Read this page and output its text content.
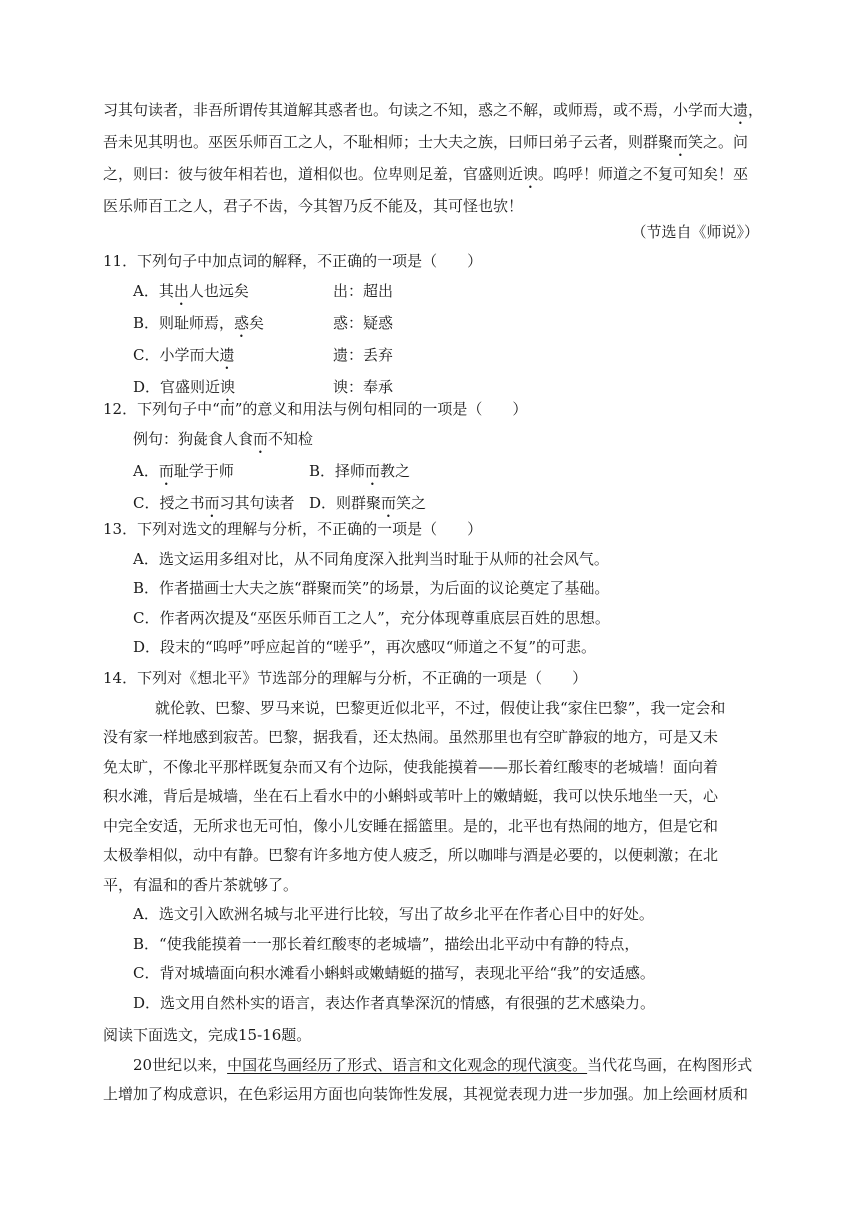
习其句读者，非吾所谓传其道解其惑者也。句读之不知，惑之不解，或师焉，或不焉，小学而大遗，
吾未见其明也。巫医乐师百工之人，不耻相师；士大夫之族，曰师曰弟子云者，则群聚而笑之。问
之，则曰：彼与彼年相若也，道相似也。位卑则足羞，官盛则近谀。呜呼！师道之不复可知矣！巫
医乐师百工之人，君子不齿，今其智乃反不能及，其可怪也欤！
（节选自《师说》）
11．下列句子中加点词的解释，不正确的一项是（　　）
A．其出人也远矣	出：超出
B．则耻师焉，惑矣	惑：疑惑
C．小学而大遗	遗：丢弃
D．官盛则近谀	谀：奉承
12．下列句子中“而”的意义和用法与例句相同的一项是（　　）
例句：狗彘食人食而不知检
A．而耻学于师	B．择师而教之
C．授之书而习其句读者 D．则群聚而笑之
13．下列对选文的理解与分析，不正确的一项是（　　）
A．选文运用多组对比，从不同角度深入批判当时耻于从师的社会风气。
B．作者描画士大夫之族“群聚而笑”的场景，为后面的议论奠定了基础。
C．作者两次提及“巫医乐师百工之人”，充分体现尊重底层百姓的思想。
D．段末的“呜呼”呼应起首的“嗟乎”，再次感叹“师道之不复”的可悲。
14．下列对《想北平》节选部分的理解与分析，不正确的一项是（　　）
就伦敦、巴黎、罗马来说，巴黎更近似北平，不过，假使让我“家住巴黎”，我一定会和
没有家一样地感到寂苦。巴黎，据我看，还太热闹。虽然那里也有空旷静寂的地方，可是又未
免太旷，不像北平那样既复杂而又有个边际，使我能摸着——那长着红酸枣的老城墙！面向着
积水滩，背后是城墙，坐在石上看水中的小蝌蚪或苇叶上的嫩蜻蜓，我可以快乐地坐一天，心
中完全安适，无所求也无可怕，像小儿安睡在摇篮里。是的，北平也有热闹的地方，但是它和
太极拳相似，动中有静。巴黎有许多地方使人疲乏，所以咖啡与酒是必要的，以便刺激；在北
平，有温和的香片茶就够了。
A．选文引入欧洲名城与北平进行比较，写出了故乡北平在作者心目中的好处。
B．“使我能摸着一一那长着红酸枣的老城墙”，描绘出北平动中有静的特点，
C．背对城墙面向积水滩看小蝌蚪或嫩蜻蜓的描写，表现北平给“我”的安适感。
D．选文用自然朴实的语言，表达作者真挚深沉的情感，有很强的艺术感染力。
阅读下面选文，完成15-16题。
20世纪以来，中国花鸟画经历了形式、语言和文化观念的现代演变。当代花鸟画，在构图形式
上增加了构成意识，在色彩运用方面也向装饰性发展，其视觉表现力进一步加强。加上绘画材质和
